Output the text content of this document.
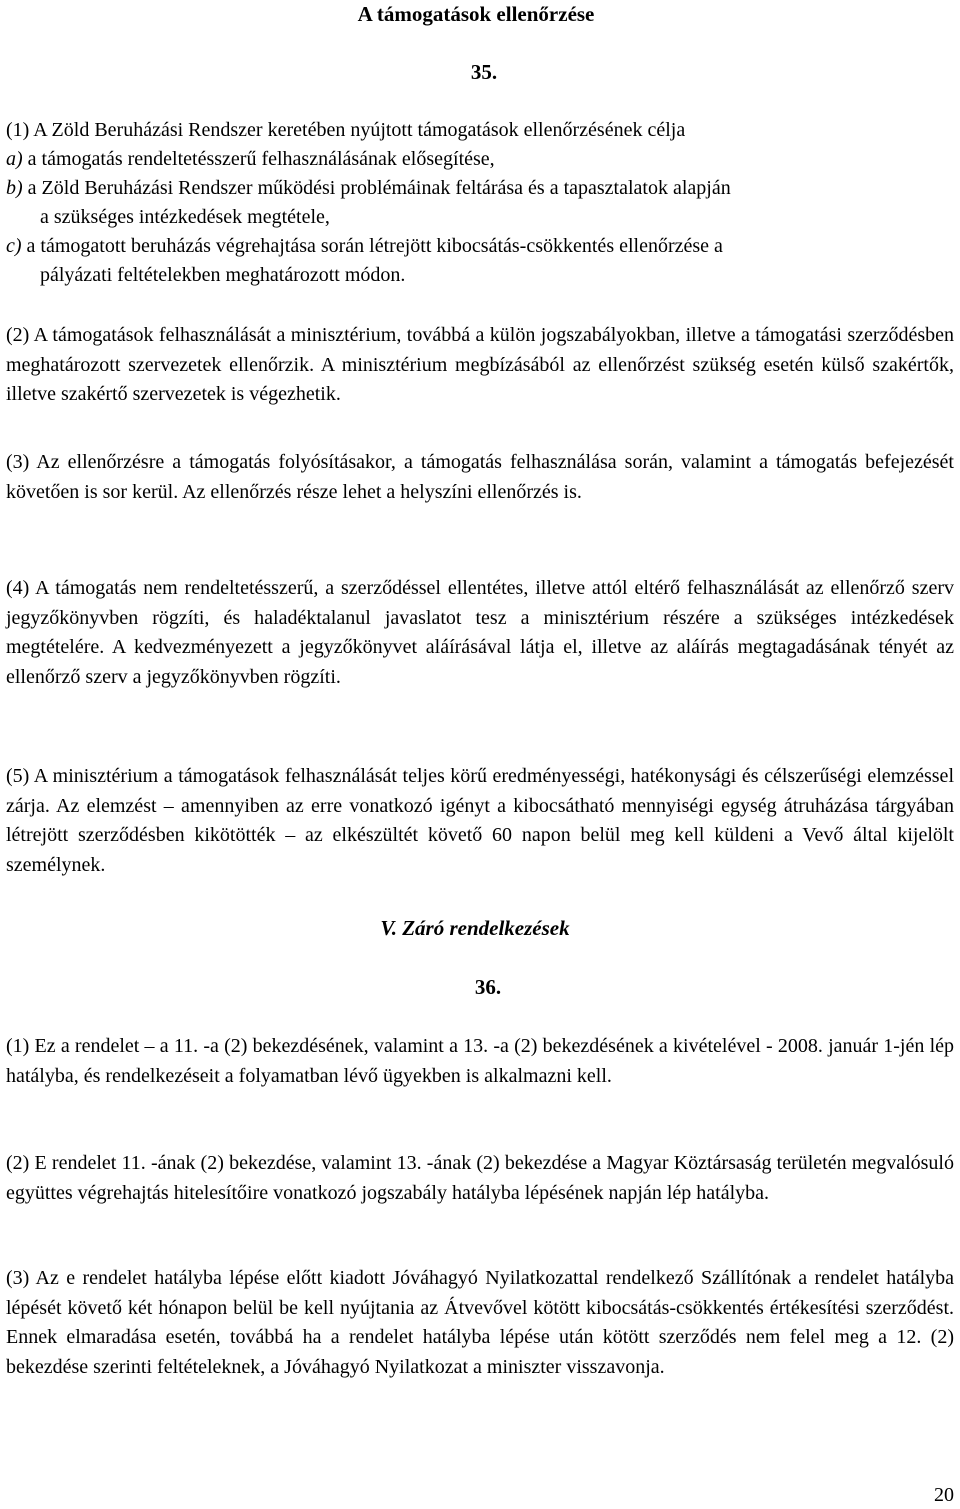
A támogatások ellenőrzése
35.
(1) A Zöld Beruházási Rendszer keretében nyújtott támogatások ellenőrzésének célja
a) a támogatás rendeltetésszerű felhasználásának elősegítése,
b) a Zöld Beruházási Rendszer működési problémáinak feltárása és a tapasztalatok alapján
a szükséges intézkedések megtétele,
c) a támogatott beruházás végrehajtása során létrejött kibocsátás-csökkentés ellenőrzése a
pályázati feltételekben meghatározott módon.
(2) A támogatások felhasználását a minisztérium, továbbá a külön jogszabályokban, illetve a támogatási szerződésben meghatározott szervezetek ellenőrzik. A minisztérium megbízásából az ellenőrzést szükség esetén külső szakértők, illetve szakértő szervezetek is végezhetik.
(3) Az ellenőrzésre a támogatás folyósításakor, a támogatás felhasználása során, valamint a támogatás befejezését követően is sor kerül. Az ellenőrzés része lehet a helyszíni ellenőrzés is.
(4) A támogatás nem rendeltetésszerű, a szerződéssel ellentétes, illetve attól eltérő felhasználását az ellenőrző szerv jegyzőkönyvben rögzíti, és haladéktalanul javaslatot tesz a minisztérium részére a szükséges intézkedések megtételére. A kedvezményezett a jegyzőkönyvet aláírásával látja el, illetve az aláírás megtagadásának tényét az ellenőrző szerv a jegyzőkönyvben rögzíti.
(5) A minisztérium a támogatások felhasználását teljes körű eredményességi, hatékonysági és célszerűségi elemzéssel zárja. Az elemzést – amennyiben az erre vonatkozó igényt a kibocsátható mennyiségi egység átruházása tárgyában létrejött szerződésben kikötötték – az elkészültét követő 60 napon belül meg kell küldeni a Vevő által kijelölt személynek.
V. Záró rendelkezések
36.
(1) Ez a rendelet – a 11. -a (2) bekezdésének, valamint a 13. -a (2) bekezdésének a kivételével - 2008. január 1-jén lép hatályba, és rendelkezéseit a folyamatban lévő ügyekben is alkalmazni kell.
(2) E rendelet 11. -ának (2) bekezdése, valamint 13. -ának (2) bekezdése a Magyar Köztársaság területén megvalósuló együttes végrehajtás hitelesítőire vonatkozó jogszabály hatályba lépésének napján lép hatályba.
(3) Az e rendelet hatályba lépése előtt kiadott Jóváhagyó Nyilatkozattal rendelkező Szállítónak a rendelet hatályba lépését követő két hónapon belül be kell nyújtania az Átvevővel kötött kibocsátás-csökkentés értékesítési szerződést. Ennek elmaradása esetén, továbbá ha a rendelet hatályba lépése után kötött szerződés nem felel meg a 12. (2) bekezdése szerinti feltételeknek, a Jóváhagyó Nyilatkozat a miniszter visszavonja.
20
